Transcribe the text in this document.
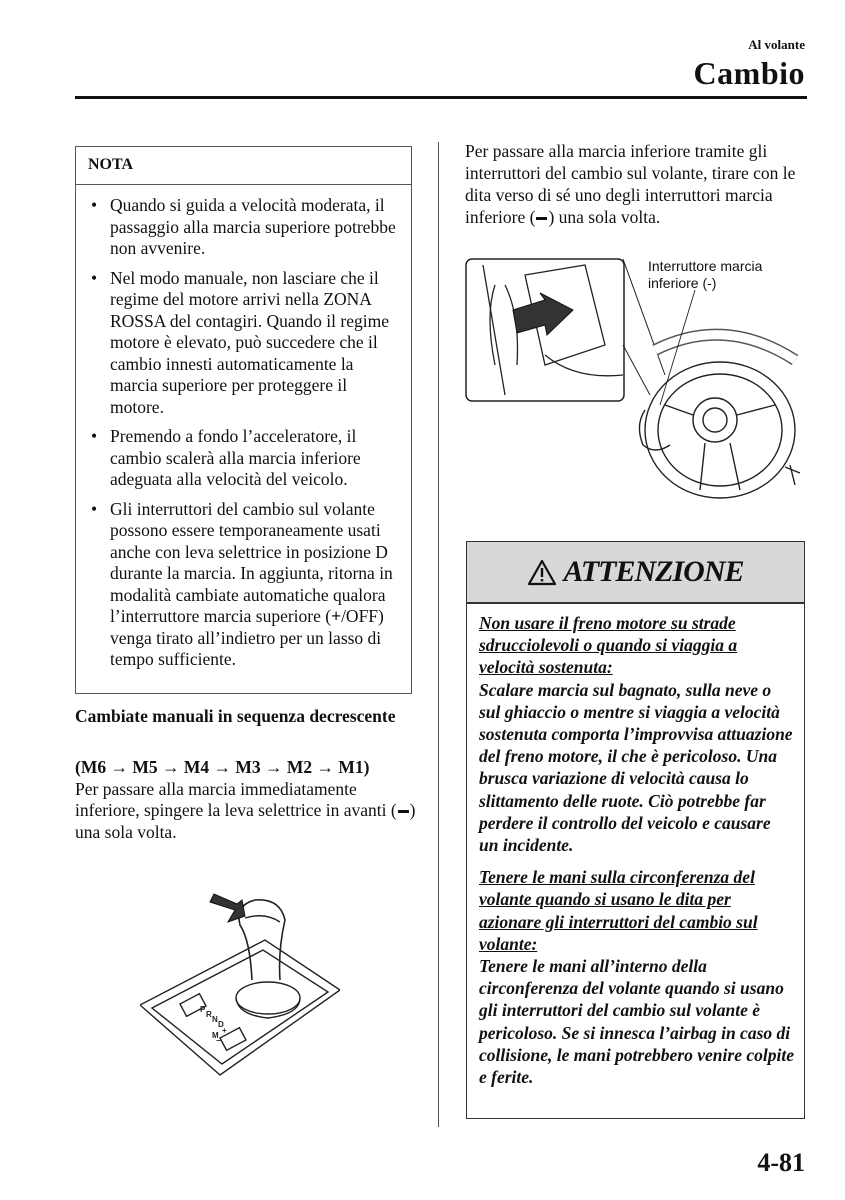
Al volante
Cambio
NOTA
• Quando si guida a velocità moderata, il passaggio alla marcia superiore potrebbe non avvenire.
• Nel modo manuale, non lasciare che il regime del motore arrivi nella ZONA ROSSA del contagiri. Quando il regime motore è elevato, può succedere che il cambio innesti automaticamente la marcia superiore per proteggere il motore.
• Premendo a fondo l’acceleratore, il cambio scalerà alla marcia inferiore adeguata alla velocità del veicolo.
• Gli interruttori del cambio sul volante possono essere temporaneamente usati anche con leva selettrice in posizione D durante la marcia. In aggiunta, ritorna in modalità cambiate automatiche qualora l’interruttore marcia superiore (+/OFF) venga tirato all’indietro per un lasso di tempo sufficiente.
Cambiate manuali in sequenza decrescente
(M6 → M5 → M4 → M3 → M2 → M1)
Per passare alla marcia immediatamente inferiore, spingere la leva selettrice in avanti ( ) una sola volta.
P
R
N
D
M
+
−
Per passare alla marcia inferiore tramite gli interruttori del cambio sul volante, tirare con le dita verso di sé uno degli interruttori marcia inferiore ( ) una sola volta.
Interruttore marcia
inferiore (-)
ATTENZIONE

Non usare il freno motore su strade sdrucciolevoli o quando si viaggia a velocità sostenuta:
Scalare marcia sul bagnato, sulla neve o sul ghiaccio o mentre si viaggia a velocità sostenuta comporta l’improvvisa attuazione del freno motore, il che è pericoloso. Una brusca variazione di velocità causa lo slittamento delle ruote. Ciò potrebbe far perdere il controllo del veicolo e causare un incidente.

Tenere le mani sulla circonferenza del volante quando si usano le dita per azionare gli interruttori del cambio sul volante:
Tenere le mani all’interno della circonferenza del volante quando si usano gli interruttori del cambio sul volante è pericoloso. Se si innesca l’airbag in caso di collisione, le mani potrebbero venire colpite e ferite.

4-81
